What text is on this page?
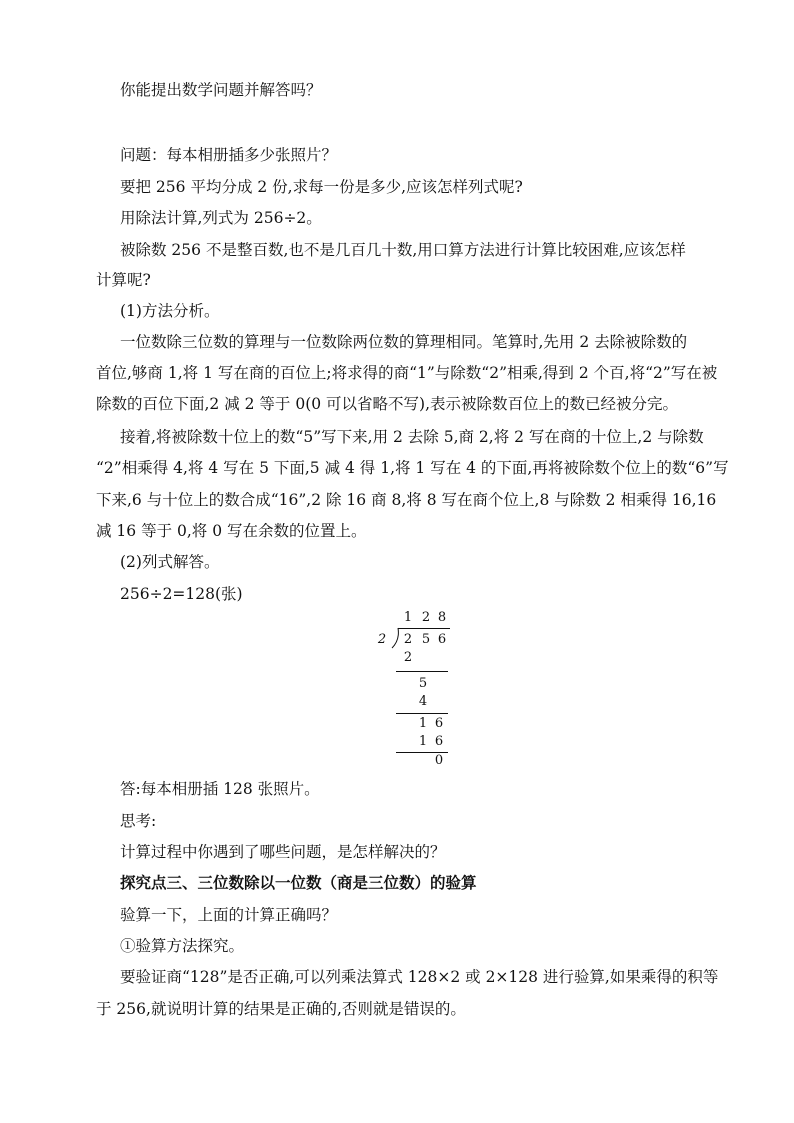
你能提出数学问题并解答吗？
问题：每本相册插多少张照片？
要把 256 平均分成 2 份,求每一份是多少,应该怎样列式呢?
用除法计算,列式为 256÷2。
被除数 256 不是整百数,也不是几百几十数,用口算方法进行计算比较困难,应该怎样
计算呢?
(1)方法分析。
一位数除三位数的算理与一位数除两位数的算理相同。笔算时,先用 2 去除被除数的
首位,够商 1,将 1 写在商的百位上;将求得的商“1”与除数“2”相乘,得到 2 个百,将“2”写在被
除数的百位下面,2 减 2 等于 0(0 可以省略不写),表示被除数百位上的数已经被分完。
接着,将被除数十位上的数“5”写下来,用 2 去除 5,商 2,将 2 写在商的十位上,2 与除数
“2”相乘得 4,将 4 写在 5 下面,5 减 4 得 1,将 1 写在 4 的下面,再将被除数个位上的数“6”写
下来,6 与十位上的数合成“16”,2 除 16 商 8,将 8 写在商个位上,8 与除数 2 相乘得 16,16
减 16 等于 0,将 0 写在余数的位置上。
(2)列式解答。
256÷2=128(张)
1 2 8
2 2 5 6
2
5
4
1 6
1 6
0
答:每本相册插 128 张照片。
思考:
计算过程中你遇到了哪些问题，是怎样解决的？
探究点三、三位数除以一位数（商是三位数）的验算
验算一下，上面的计算正确吗？
①验算方法探究。
要验证商“128”是否正确,可以列乘法算式 128×2 或 2×128 进行验算,如果乘得的积等
于 256,就说明计算的结果是正确的,否则就是错误的。
